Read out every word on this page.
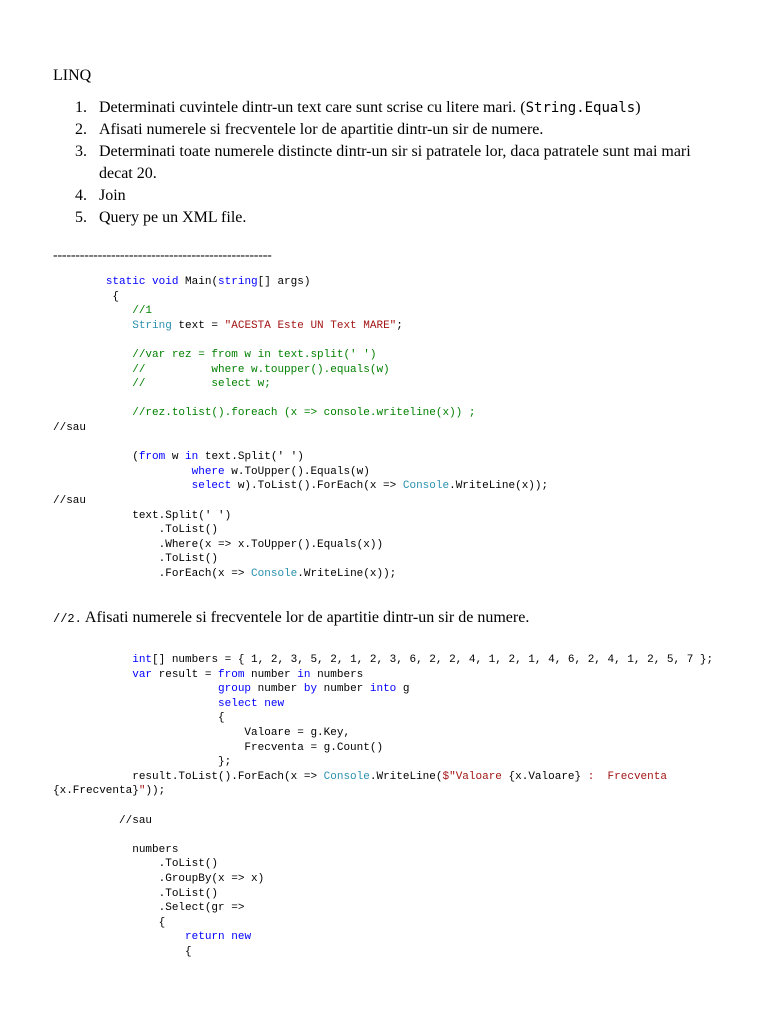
LINQ
1. Determinati cuvintele dintr-un text care sunt scrise cu litere mari. (String.Equals)
2. Afisati numerele si frecventele lor de apartitie dintr-un sir de numere.
3. Determinati toate numerele distincte dintr-un sir si patratele lor, daca patratele sunt mai mari decat 20.
4. Join
5. Query pe un XML file.
-------------------------------------------------
static void Main(string[] args)
{
//1
String text = "ACESTA Este UN Text MARE";

//var rez = from w in text.split(' ')
//          where w.toupper().equals(w)
//          select w;

//rez.tolist().foreach (x => console.writeline(x)) ;
//sau

(from w in text.Split(' ')
where w.ToUpper().Equals(w)
select w).ToList().ForEach(x => Console.WriteLine(x));
//sau
text.Split(' ')
.ToList()
.Where(x => x.ToUpper().Equals(x))
.ToList()
.ForEach(x => Console.WriteLine(x));
//2. Afisati numerele si frecventele lor de apartitie dintr-un sir de numere.
int[] numbers = { 1, 2, 3, 5, 2, 1, 2, 3, 6, 2, 2, 4, 1, 2, 1, 4, 6, 2, 4, 1, 2, 5, 7 };
var result = from number in numbers
group number by number into g
select new
{
Valoare = g.Key,
Frecventa = g.Count()
};
result.ToList().ForEach(x => Console.WriteLine($"Valoare {x.Valoare} :  Frecventa
{x.Frecventa}"));

//sau

numbers
.ToList()
.GroupBy(x => x)
.ToList()
.Select(gr =>
{
return new
{
